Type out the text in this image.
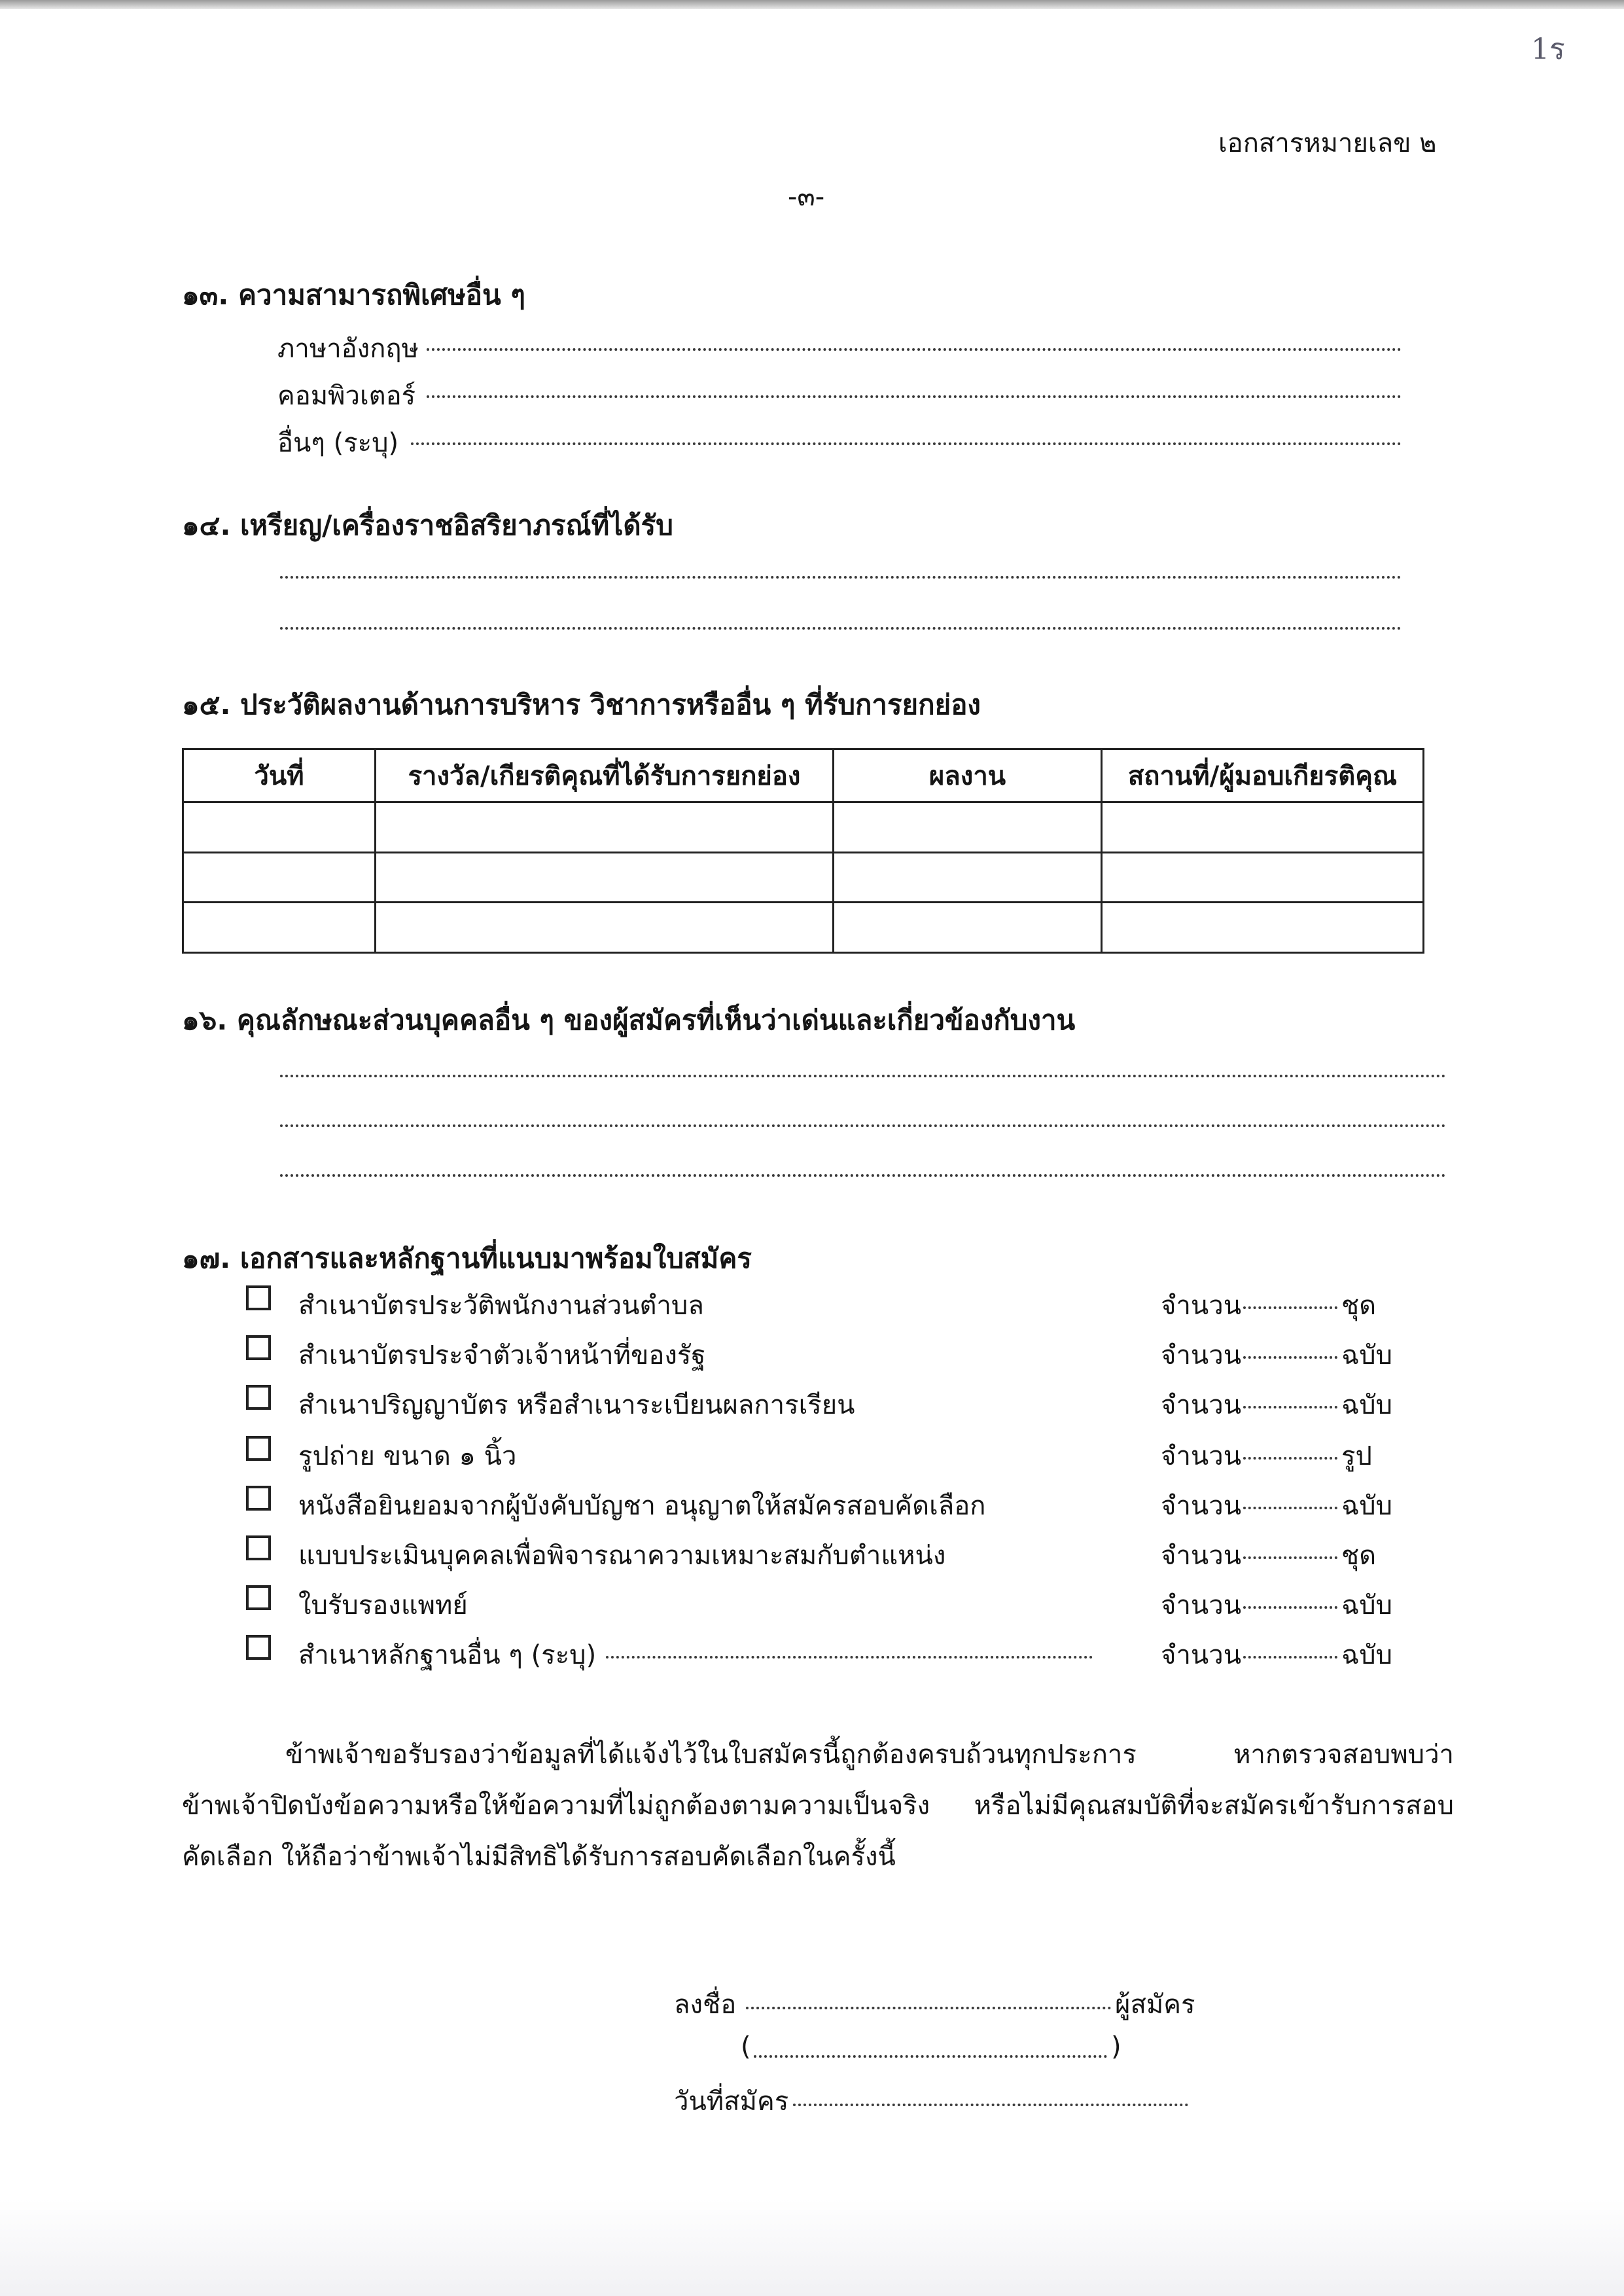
1ร
เอกสารหมายเลข ๒
-๓-
๑๓. ความสามารถพิเศษอื่น ๆ
ภาษาอังกฤษ
คอมพิวเตอร์
อื่นๆ (ระบุ)
๑๔. เหรียญ/เครื่องราชอิสริยาภรณ์ที่ได้รับ
๑๕. ประวัติผลงานด้านการบริหาร วิชาการหรืออื่น ๆ ที่รับการยกย่อง
วันที่	รางวัล/เกียรติคุณที่ได้รับการยกย่อง	ผลงาน	สถานที่/ผู้มอบเกียรติคุณ

๑๖. คุณลักษณะส่วนบุคคลอื่น ๆ ของผู้สมัครที่เห็นว่าเด่นและเกี่ยวข้องกับงาน
๑๗. เอกสารและหลักฐานที่แนบมาพร้อมใบสมัคร
สำเนาบัตรประวัติพนักงานส่วนตำบล	จำนวน	ชุด
สำเนาบัตรประจำตัวเจ้าหน้าที่ของรัฐ	จำนวน	ฉบับ
สำเนาปริญญาบัตร หรือสำเนาระเบียนผลการเรียน	จำนวน	ฉบับ
รูปถ่าย ขนาด ๑ นิ้ว	จำนวน	รูป
หนังสือยินยอมจากผู้บังคับบัญชา อนุญาตให้สมัครสอบคัดเลือก	จำนวน	ฉบับ
แบบประเมินบุคคลเพื่อพิจารณาความเหมาะสมกับตำแหน่ง	จำนวน	ชุด
ใบรับรองแพทย์	จำนวน	ฉบับ
สำเนาหลักฐานอื่น ๆ (ระบุ)	จำนวน	ฉบับ
ข้าพเจ้าขอรับรองว่าข้อมูลที่ได้แจ้งไว้ในใบสมัครนี้ถูกต้องครบถ้วนทุกประการ หากตรวจสอบพบว่า ข้าพเจ้าปิดบังข้อความหรือให้ข้อความที่ไม่ถูกต้องตามความเป็นจริง หรือไม่มีคุณสมบัติที่จะสมัครเข้ารับการสอบ คัดเลือก ให้ถือว่าข้าพเจ้าไม่มีสิทธิได้รับการสอบคัดเลือกในครั้งนี้
ลงชื่อ	ผู้สมัคร
(	)
วันที่สมัคร
